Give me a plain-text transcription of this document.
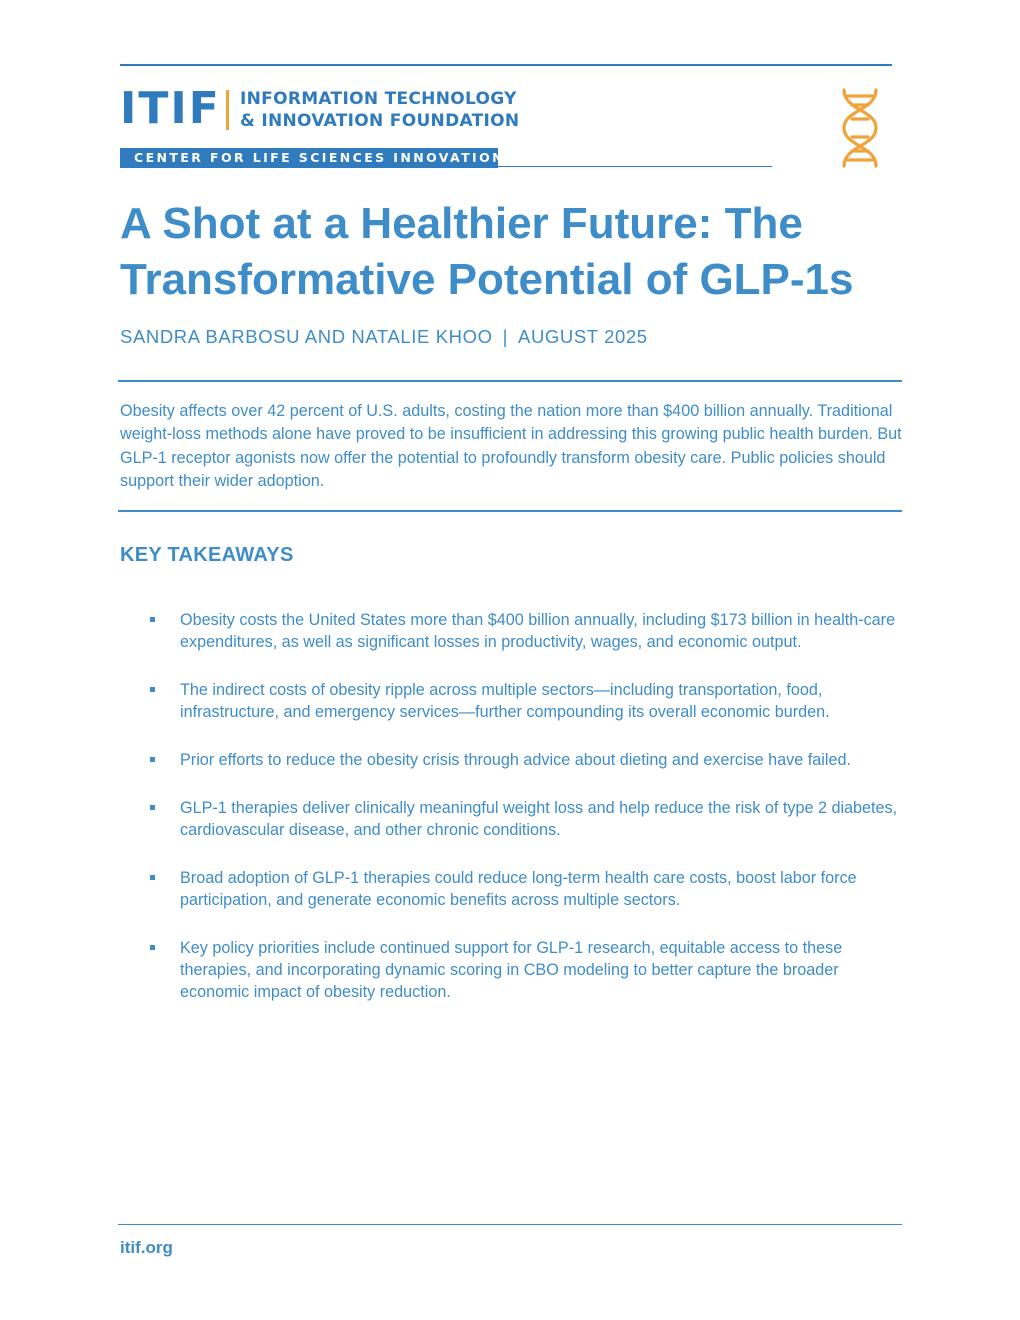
ITIF INFORMATION TECHNOLOGY
& INNOVATION FOUNDATION
CENTER FOR LIFE SCIENCES INNOVATION
A Shot at a Healthier Future: The
Transformative Potential of GLP-1s
SANDRA BARBOSU AND NATALIE KHOO | AUGUST 2025

Obesity affects over 42 percent of U.S. adults, costing the nation more than $400 billion annually. Traditional weight-loss methods alone have proved to be insufficient in addressing this growing public health burden. But GLP-1 receptor agonists now offer the potential to profoundly transform obesity care. Public policies should support their wider adoption.

KEY TAKEAWAYS
Obesity costs the United States more than $400 billion annually, including $173 billion in health-care expenditures, as well as significant losses in productivity, wages, and economic output.
The indirect costs of obesity ripple across multiple sectors—including transportation, food, infrastructure, and emergency services—further compounding its overall economic burden.
Prior efforts to reduce the obesity crisis through advice about dieting and exercise have failed.
GLP-1 therapies deliver clinically meaningful weight loss and help reduce the risk of type 2 diabetes, cardiovascular disease, and other chronic conditions.
Broad adoption of GLP-1 therapies could reduce long-term health care costs, boost labor force participation, and generate economic benefits across multiple sectors.
Key policy priorities include continued support for GLP-1 research, equitable access to these therapies, and incorporating dynamic scoring in CBO modeling to better capture the broader economic impact of obesity reduction.
itif.org
